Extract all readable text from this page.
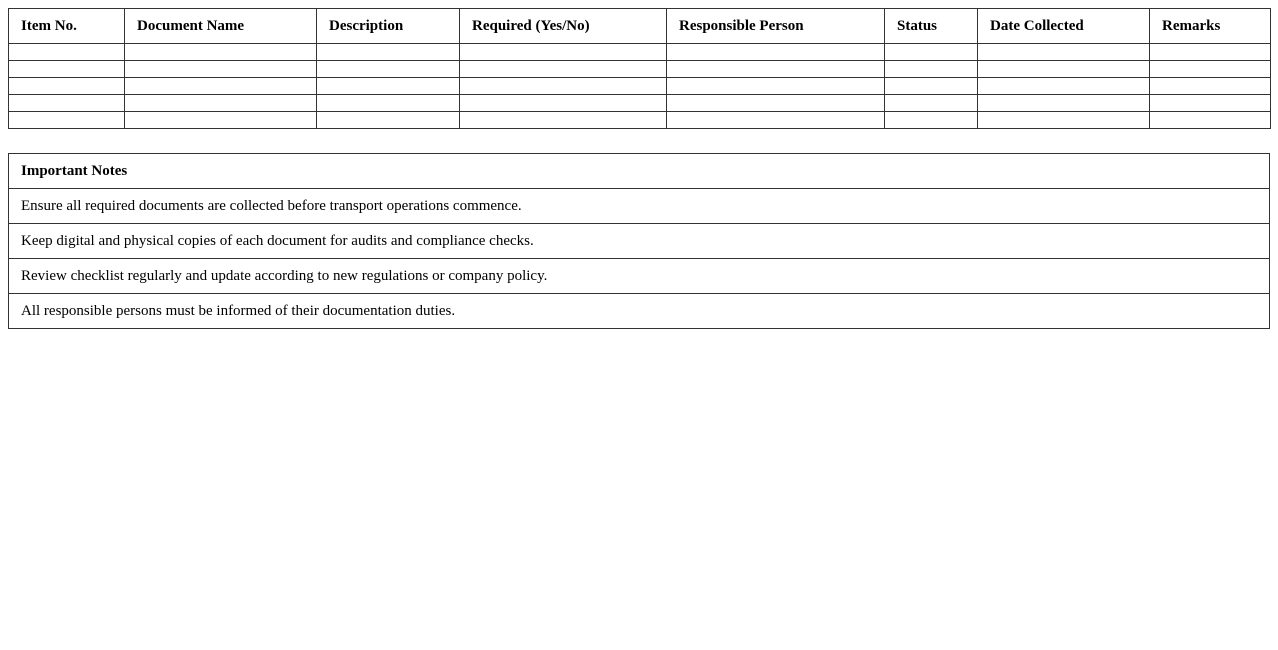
Item No.	Document Name	Description	Required (Yes/No)	Responsible Person	Status	Date Collected	Remarks

Important Notes
Ensure all required documents are collected before transport operations commence.
Keep digital and physical copies of each document for audits and compliance checks.
Review checklist regularly and update according to new regulations or company policy.
All responsible persons must be informed of their documentation duties.
